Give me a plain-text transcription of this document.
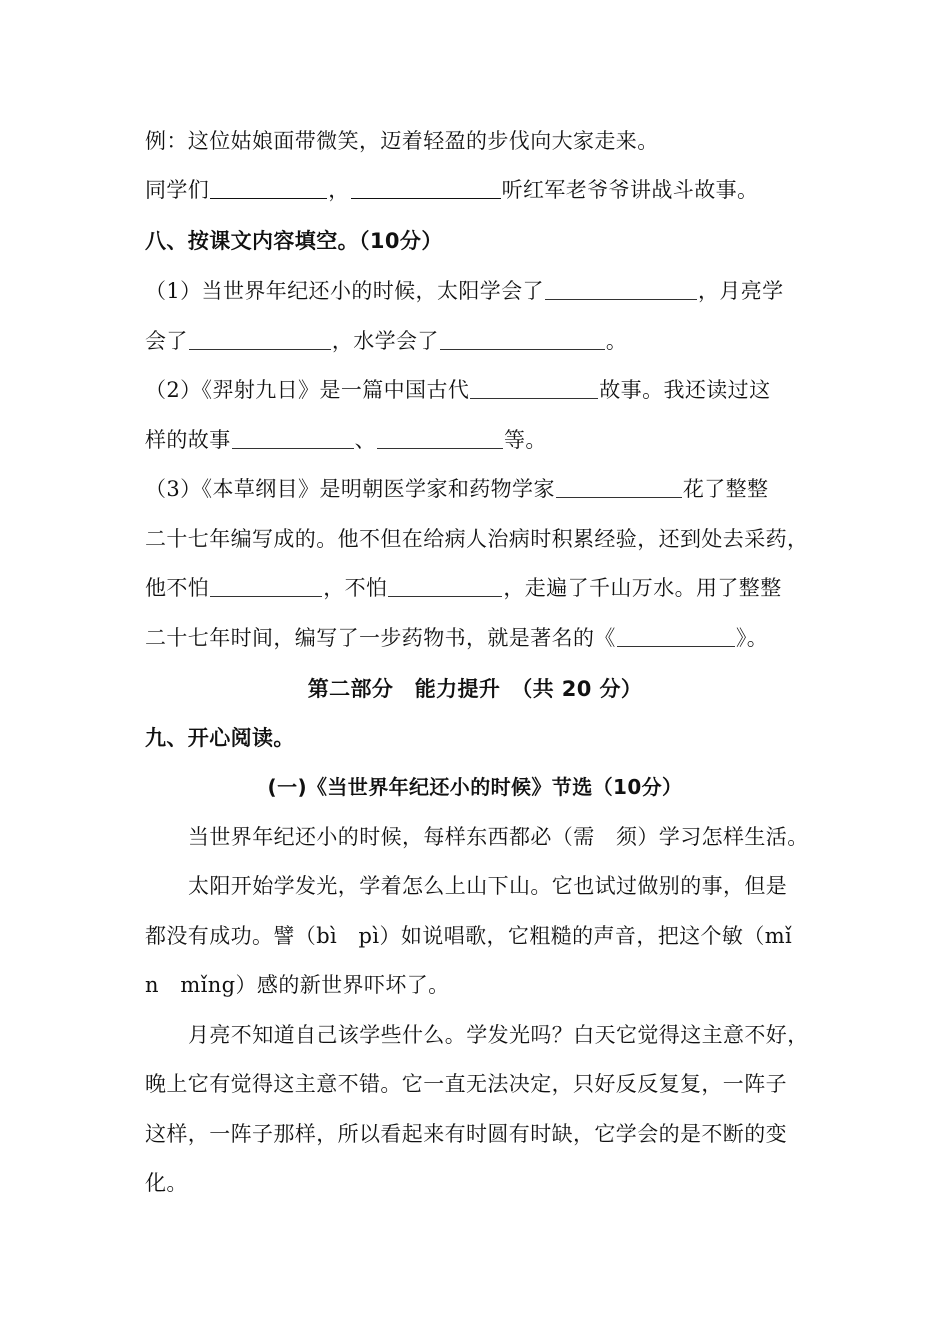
例：这位姑娘面带微笑，迈着轻盈的步伐向大家走来。

同学们	，	听红军老爷爷讲战斗故事。

八、按课文内容填空。（10分）

（1）当世界年纪还小的时候，太阳学会了	，月亮学

会了	，水学会了	。

（2）《羿射九日》是一篇中国古代	故事。我还读过这

样的故事	、	等。

（3）《本草纲目》是明朝医学家和药物学家	花了整整

二十七年编写成的。他不但在给病人治病时积累经验，还到处去采药，

他不怕	，不怕	，走遍了千山万水。用了整整

二十七年时间，编写了一步药物书，就是著名的《	》。

第二部分　能力提升　（共 20 分）

九、开心阅读。

(一)《当世界年纪还小的时候》节选（10分）

当世界年纪还小的时候，每样东西都必（需　须）学习怎样生活。

太阳开始学发光，学着怎么上山下山。它也试过做别的事，但是

都没有成功。譬（bì　pì）如说唱歌，它粗糙的声音，把这个敏（mǐ

n　mǐng）感的新世界吓坏了。

月亮不知道自己该学些什么。学发光吗？白天它觉得这主意不好，

晚上它有觉得这主意不错。它一直无法决定，只好反反复复，一阵子

这样，一阵子那样，所以看起来有时圆有时缺，它学会的是不断的变

化。
